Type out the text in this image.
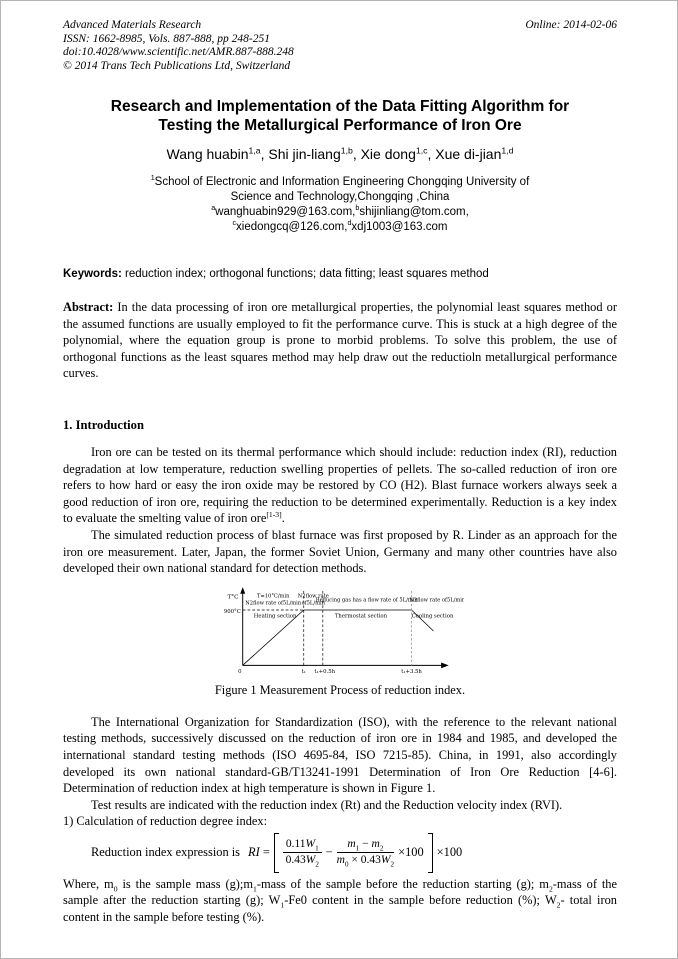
Advanced Materials Research
ISSN: 1662-8985, Vols. 887-888, pp 248-251
doi:10.4028/www.scientific.net/AMR.887-888.248
© 2014 Trans Tech Publications Ltd, Switzerland
Online: 2014-02-06
Research and Implementation of the Data Fitting Algorithm for Testing the Metallurgical Performance of Iron Ore
Wang huabin$^{1,a}$, Shi jin-liang$^{1,b}$, Xie dong$^{1,c}$, Xue di-jian$^{1,d}$
$^1$School of Electronic and Information Engineering Chongqing University of
Science and Technology,Chongqing ,China
$^a$wanghuabin929@163.com,$^b$shijinliang@tom.com,
$^c$xiedongcq@126.com,$^d$xdj1003@163.com
Keywords: reduction index; orthogonal functions; data fitting; least squares method
Abstract: In the data processing of iron ore metallurgical properties, the polynomial least squares method or the assumed functions are usually employed to fit the performance curve. This is stuck at a high degree of the polynomial, where the equation group is prone to morbid problems. To solve this problem, the use of orthogonal functions as the least squares method may help draw out the reductioln metallurgical performance curves.
1. Introduction
Iron ore can be tested on its thermal performance which should include: reduction index (RI), reduction degradation at low temperature, reduction swelling properties of pellets. The so-called reduction of iron ore refers to how hard or easy the iron oxide may be restored by CO (H2). Blast furnace workers always seek a good reduction of iron ore, requiring the reduction to be determined experimentally. Reduction is a key index to evaluate the smelting value of iron ore[1-3].
The simulated reduction process of blast furnace was first proposed by R. Linder as an approach for the iron ore measurement. Later, Japan, the former Soviet Union, Germany and many other countries have also developed their own national standard for detection methods.
T°C
900°C
0	t₁ t₁+0.5h	t₁+3.5h
T=10°C/min
N2flow rate of5L/min
N2flow rate
of5L/min
Reducing gas has a flow rate of 5L/min
N2flow rate of5L/min
Heating section	Thermostat section	Cooling section
Figure 1 Measurement Process of reduction index.
The International Organization for Standardization (ISO), with the reference to the relevant national testing methods, successively discussed on the reduction of iron ore in 1984 and 1985, and developed the international standard testing methods (ISO 4695-84, ISO 7215-85). China, in 1991, also accordingly developed its own national standard-GB/T13241-1991 Determination of Iron Ore Reduction [4-6]. Determination of reduction index at high temperature is shown in Figure 1.
Test results are indicated with the reduction index (Rt) and the Reduction velocity index (RVI).
1) Calculation of reduction degree index:
Reduction index expression is RI = $\frac{0.11W_1}{0.43W_2} - \frac{m_1 - m_2}{m_0 \times 0.43W_2} \times 100 \times 100$
Where, $m_0$ is the sample mass $(g);m_1$-mass of the sample before the reduction starting (g); $m_2$-mass of the sample after the reduction starting (g); $W_1-Fe0$ content in the sample before reduction (%); $W_2-$ total iron content in the sample before testing (%).
